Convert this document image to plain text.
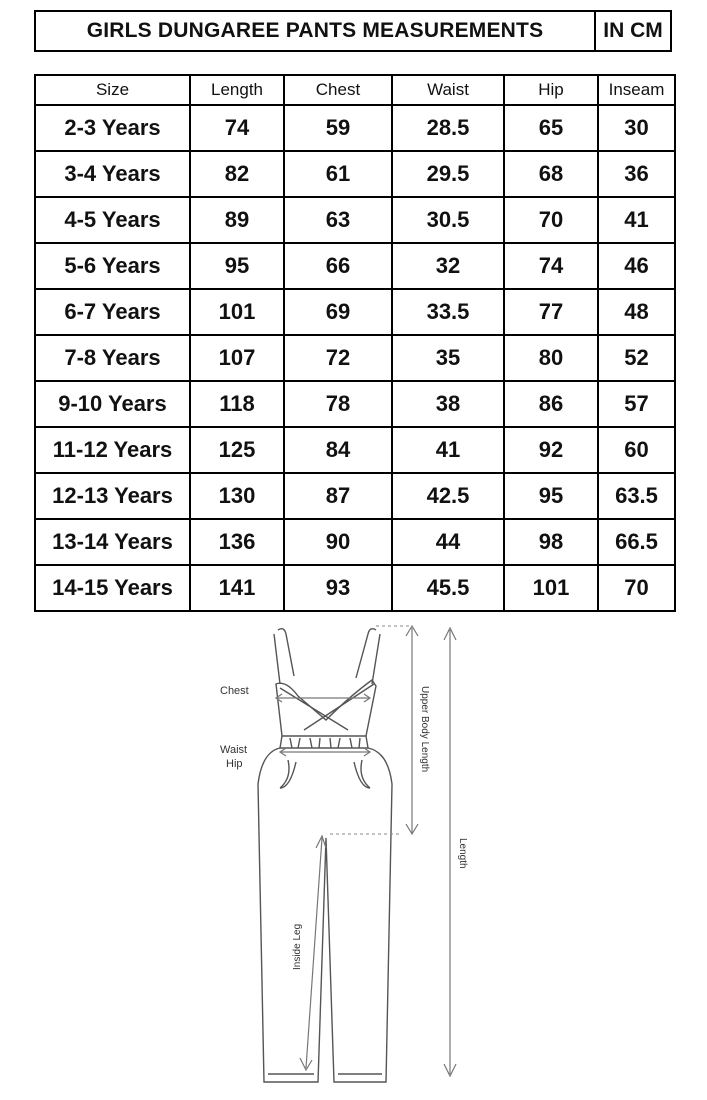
GIRLS DUNGAREE PANTS MEASUREMENTS	IN CM
Size	Length	Chest	Waist	Hip	Inseam
2-3 Years	74	59	28.5	65	30
3-4 Years	82	61	29.5	68	36
4-5 Years	89	63	30.5	70	41
5-6 Years	95	66	32	74	46
6-7 Years	101	69	33.5	77	48
7-8 Years	107	72	35	80	52
9-10 Years	118	78	38	86	57
11-12 Years	125	84	41	92	60
12-13 Years	130	87	42.5	95	63.5
13-14 Years	136	90	44	98	66.5
14-15 Years	141	93	45.5	101	70
Chest
Waist
Hip	Upper Body Length
Length
Inside Leg
